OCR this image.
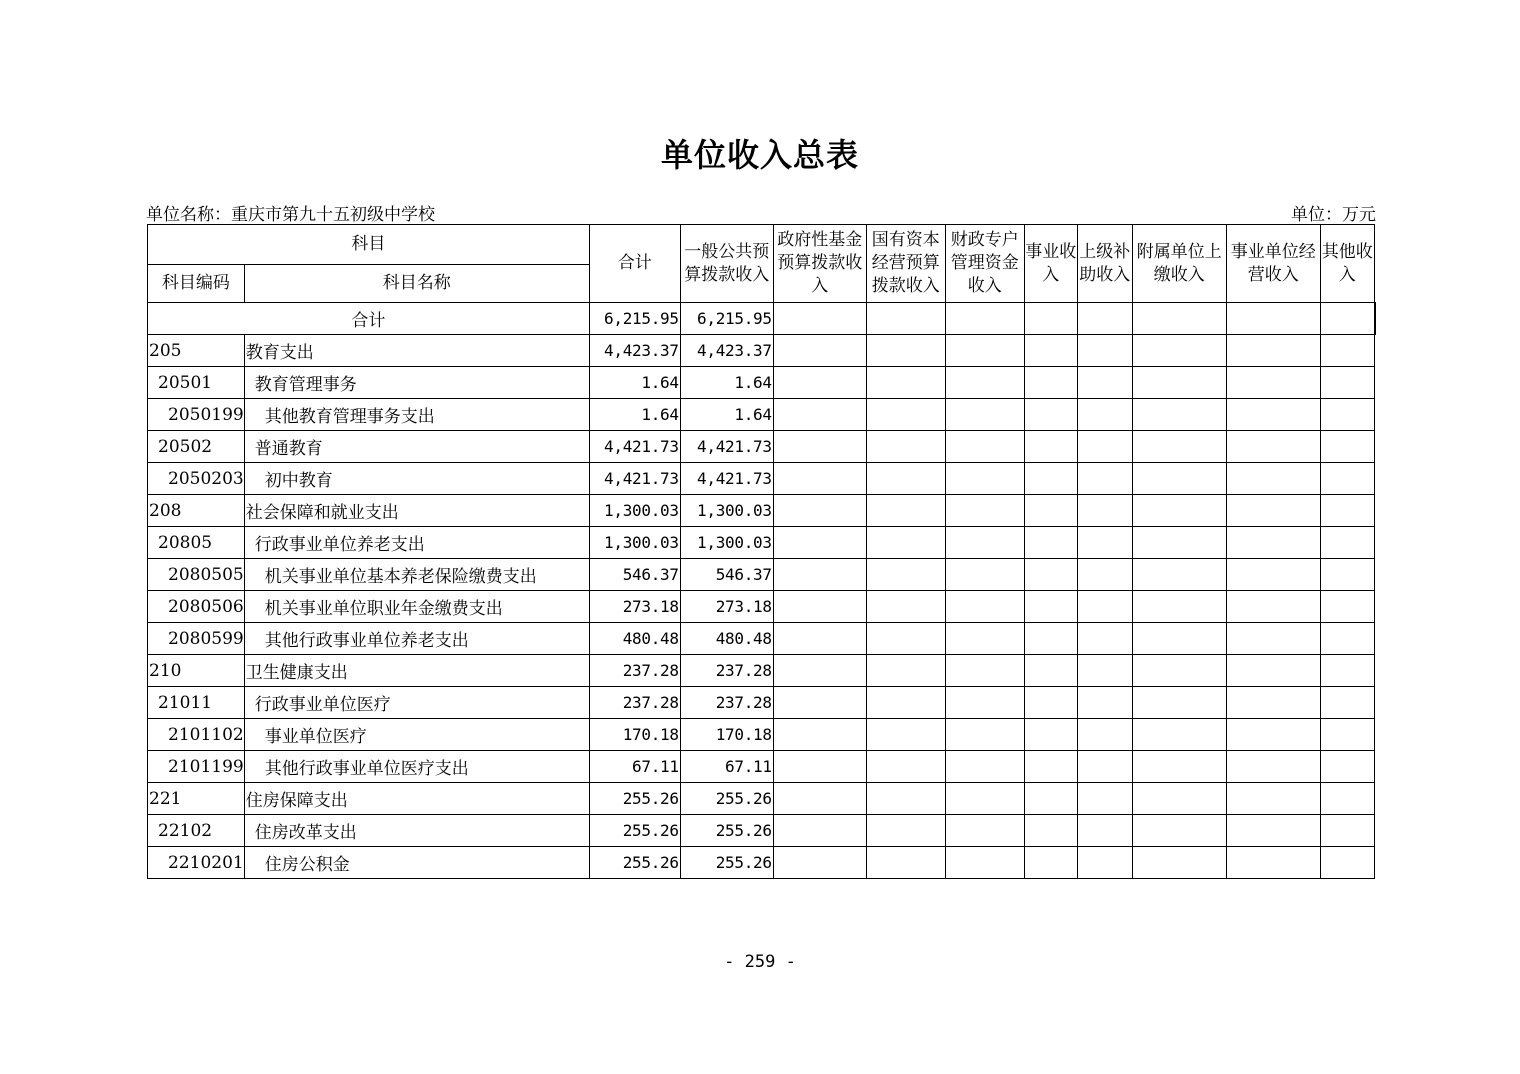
单位收入总表
单位名称：重庆市第九十五初级中学校	单位：万元
科目		合计	一般公共预算拨款收入	政府性基金预算拨款收入	国有资本经营预算拨款收入	财政专户管理资金收入	事业收入	上级补助收入	附属单位上缴收入	事业单位经营收入	其他收入	
科目编码	科目名称											
合计		6,215.95	6,215.95									
205	教育支出	4,423.37	4,423.37									
20501	教育管理事务	1.64	1.64									
2050199	其他教育管理事务支出	1.64	1.64									
20502	普通教育	4,421.73	4,421.73									
2050203	初中教育	4,421.73	4,421.73									
208	社会保障和就业支出	1,300.03	1,300.03									
20805	行政事业单位养老支出	1,300.03	1,300.03									
2080505	机关事业单位基本养老保险缴费支出	546.37	546.37									
2080506	机关事业单位职业年金缴费支出	273.18	273.18									
2080599	其他行政事业单位养老支出	480.48	480.48									
210	卫生健康支出	237.28	237.28									
21011	行政事业单位医疗	237.28	237.28									
2101102	事业单位医疗	170.18	170.18									
2101199	其他行政事业单位医疗支出	67.11	67.11									
221	住房保障支出	255.26	255.26									
22102	住房改革支出	255.26	255.26									
2210201	住房公积金	255.26	255.26									
- 259 -
